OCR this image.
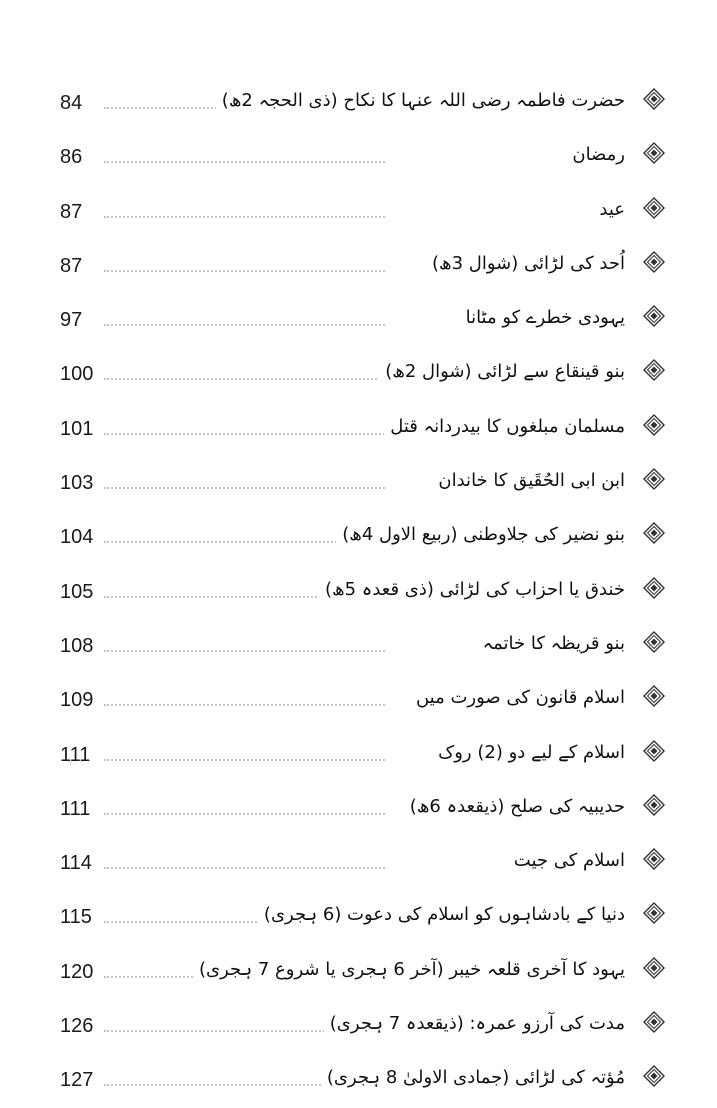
84	حضرت فاطمہ رضی اللہ عنہا کا نکاح (ذی الحجہ 2ھ)
86	رمضان
87	عید
87	اُحد کی لڑائی (شوال 3ھ)
97	یہودی خطرے کو مٹانا
100	بنو قینقاع سے لڑائی (شوال 2ھ)
101	مسلمان مبلغوں کا بیدردانہ قتل
103	ابن ابی الحُقَیق کا خاندان
104	بنو نضیر کی جلاوطنی (ربیع الاول 4ھ)
105	خندق یا احزاب کی لڑائی (ذی قعدہ 5ھ)
108	بنو قریظہ کا خاتمہ
109	اسلام قانون کی صورت میں
111	اسلام کے لیے دو (2) روک
111	حدیبیہ کی صلح (ذیقعدہ 6ھ)
114	اسلام کی جیت
115	دنیا کے بادشاہوں کو اسلام کی دعوت (6 ہجری)
120	یہود کا آخری قلعہ خیبر (آخر 6 ہجری یا شروع 7 ہجری)
126	مدت کی آرزو عمرہ: (ذیقعدہ 7 ہجری)
127	مُؤتہ کی لڑائی (جمادی الاولیٰ 8 ہجری)
